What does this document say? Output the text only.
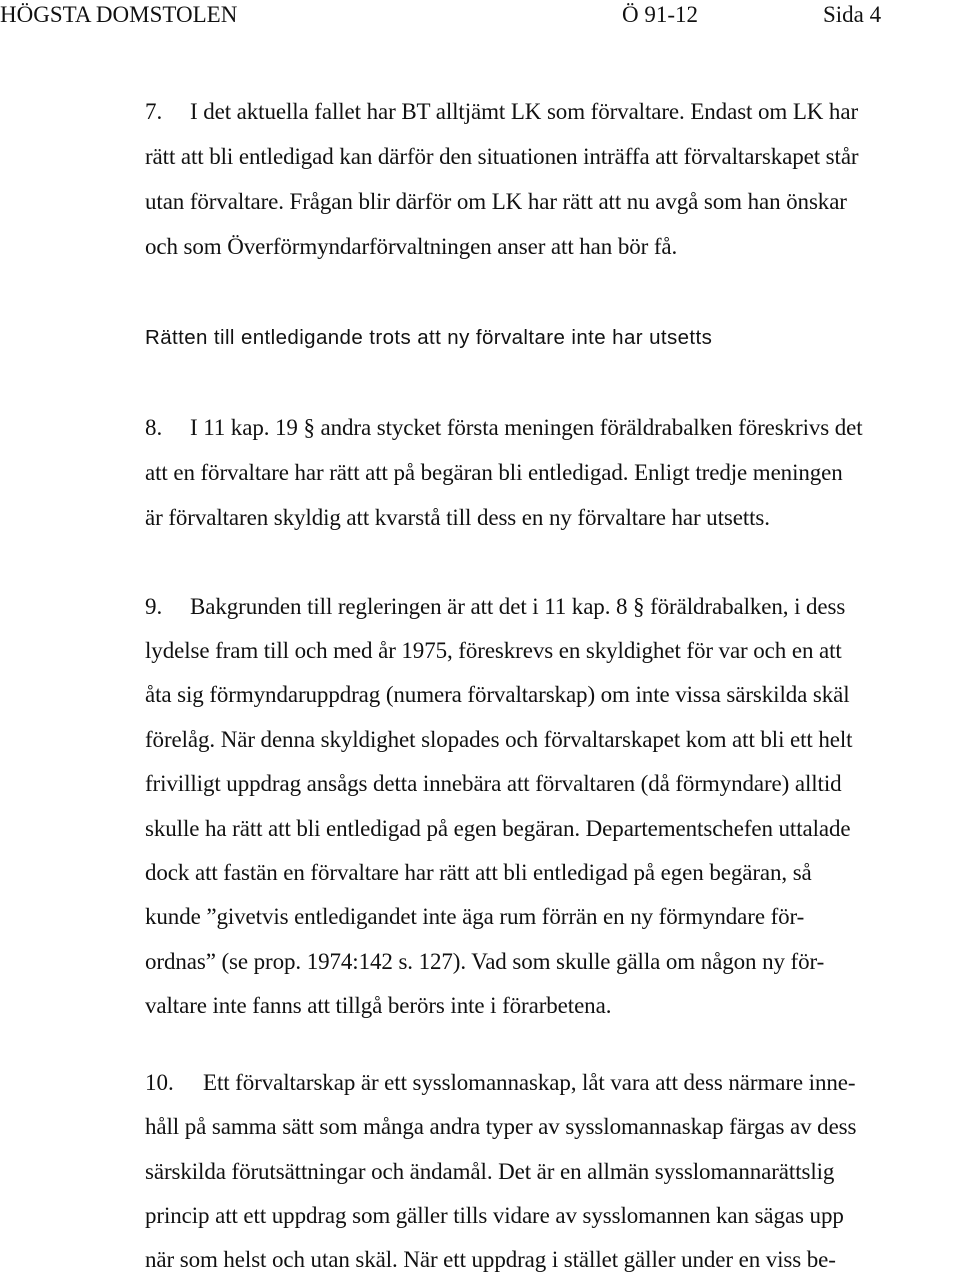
HÖGSTA DOMSTOLEN	Ö 91-12	Sida 4
7. I det aktuella fallet har BT alltjämt LK som förvaltare. Endast om LK har
rätt att bli entledigad kan därför den situationen inträffa att förvaltarskapet står
utan förvaltare. Frågan blir därför om LK har rätt att nu avgå som han önskar
och som Överförmyndarförvaltningen anser att han bör få.
Rätten till entledigande trots att ny förvaltare inte har utsetts
8. I 11 kap. 19 § andra stycket första meningen föräldrabalken föreskrivs det
att en förvaltare har rätt att på begäran bli entledigad. Enligt tredje meningen
är förvaltaren skyldig att kvarstå till dess en ny förvaltare har utsetts.
9. Bakgrunden till regleringen är att det i 11 kap. 8 § föräldrabalken, i dess
lydelse fram till och med år 1975, föreskrevs en skyldighet för var och en att
åta sig förmyndaruppdrag (numera förvaltarskap) om inte vissa särskilda skäl
förelåg. När denna skyldighet slopades och förvaltarskapet kom att bli ett helt
frivilligt uppdrag ansågs detta innebära att förvaltaren (då förmyndare) alltid
skulle ha rätt att bli entledigad på egen begäran. Departementschefen uttalade
dock att fastän en förvaltare har rätt att bli entledigad på egen begäran, så
kunde ”givetvis entledigandet inte äga rum förrän en ny förmyndare för-
ordnas” (se prop. 1974:142 s. 127). Vad som skulle gälla om någon ny för-
valtare inte fanns att tillgå berörs inte i förarbetena.
10. Ett förvaltarskap är ett sysslomannaskap, låt vara att dess närmare inne-
håll på samma sätt som många andra typer av sysslomannaskap färgas av dess
särskilda förutsättningar och ändamål. Det är en allmän sysslomannarättslig
princip att ett uppdrag som gäller tills vidare av sysslomannen kan sägas upp
när som helst och utan skäl. När ett uppdrag i stället gäller under en viss be-
